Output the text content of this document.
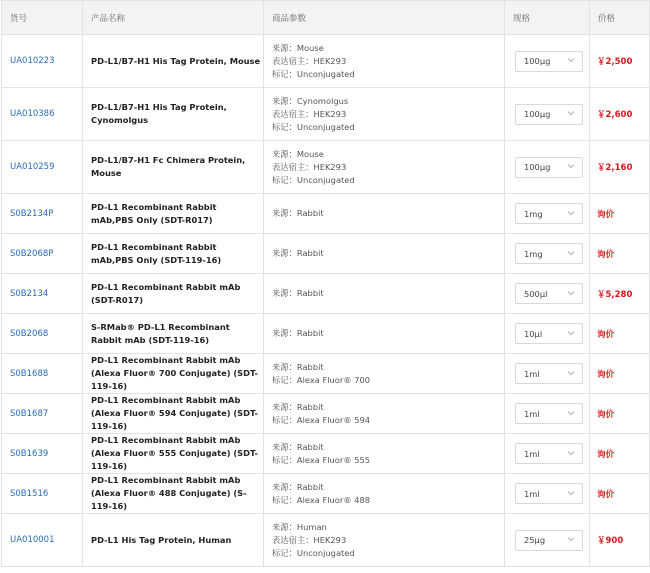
货号	产品名称	商品参数	规格	价格
UA010223	PD-L1/B7-H1 His Tag Protein, Mouse	来源：Mouse
表达宿主：HEK293
标记：Unconjugated	100μg	￥2,500
UA010386	PD-L1/B7-H1 His Tag Protein, Cynomolgus	来源：Cynomolgus
表达宿主：HEK293
标记：Unconjugated	100μg	￥2,600
UA010259	PD-L1/B7-H1 Fc Chimera Protein, Mouse	来源：Mouse
表达宿主：HEK293
标记：Unconjugated	100μg	￥2,160
S0B2134P	PD-L1 Recombinant Rabbit mAb,PBS Only (SDT-R017)	来源：Rabbit	1mg	询价
S0B2068P	PD-L1 Recombinant Rabbit mAb,PBS Only (SDT-119-16)	来源：Rabbit	1mg	询价
S0B2134	PD-L1 Recombinant Rabbit mAb (SDT-R017)	来源：Rabbit	500μl	￥5,280
S0B2068	S-RMab® PD-L1 Recombinant Rabbit mAb (SDT-119-16)	来源：Rabbit	10μl	询价
S0B1688	PD-L1 Recombinant Rabbit mAb (Alexa Fluor® 700 Conjugate) (SDT-119-16)	来源：Rabbit
标记：Alexa Fluor® 700	1ml	询价
S0B1687	PD-L1 Recombinant Rabbit mAb (Alexa Fluor® 594 Conjugate) (SDT-119-16)	来源：Rabbit
标记：Alexa Fluor® 594	1ml	询价
S0B1639	PD-L1 Recombinant Rabbit mAb (Alexa Fluor® 555 Conjugate) (SDT-119-16)	来源：Rabbit
标记：Alexa Fluor® 555	1ml	询价
S0B1516	PD-L1 Recombinant Rabbit mAb (Alexa Fluor® 488 Conjugate) (S-119-16)	来源：Rabbit
标记：Alexa Fluor® 488	1ml	询价
UA010001	PD-L1 His Tag Protein, Human	来源：Human
表达宿主：HEK293
标记：Unconjugated	25μg	￥900
